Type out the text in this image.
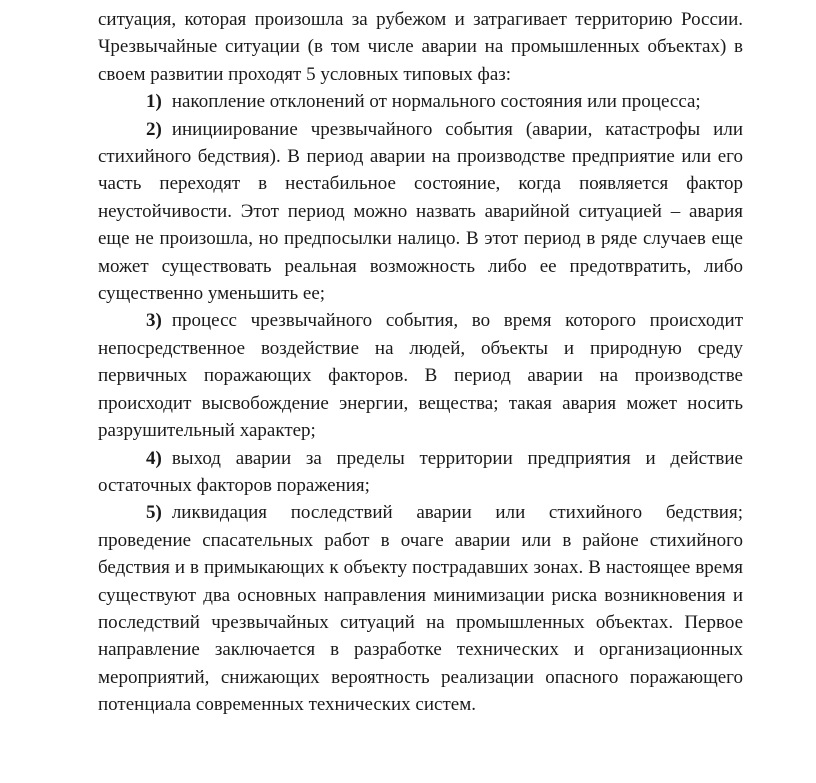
ситуация, которая произошла за рубежом и затрагивает территорию России. Чрезвычайные ситуации (в том числе аварии на промышленных объектах) в своем развитии проходят 5 условных типовых фаз:

1) накопление отклонений от нормального состояния или процесса;

2) инициирование чрезвычайного события (аварии, катастрофы или стихийного бедствия). В период аварии на производстве предприятие или его часть переходят в нестабильное состояние, когда появляется фактор неустойчивости. Этот период можно назвать аварийной ситуацией – авария еще не произошла, но предпосылки налицо. В этот период в ряде случаев еще может существовать реальная возможность либо ее предотвратить, либо существенно уменьшить ее;

3) процесс чрезвычайного события, во время которого происходит непосредственное воздействие на людей, объекты и природную среду первичных поражающих факторов. В период аварии на производстве происходит высвобождение энергии, вещества; такая авария может носить разрушительный характер;

4) выход аварии за пределы территории предприятия и действие остаточных факторов поражения;

5) ликвидация последствий аварии или стихийного бедствия; проведение спасательных работ в очаге аварии или в районе стихийного бедствия и в примыкающих к объекту пострадавших зонах. В настоящее время существуют два основных направления минимизации риска возникновения и последствий чрезвычайных ситуаций на промышленных объектах. Первое направление заключается в разработке технических и организационных мероприятий, снижающих вероятность реализации опасного поражающего потенциала современных технических систем.
